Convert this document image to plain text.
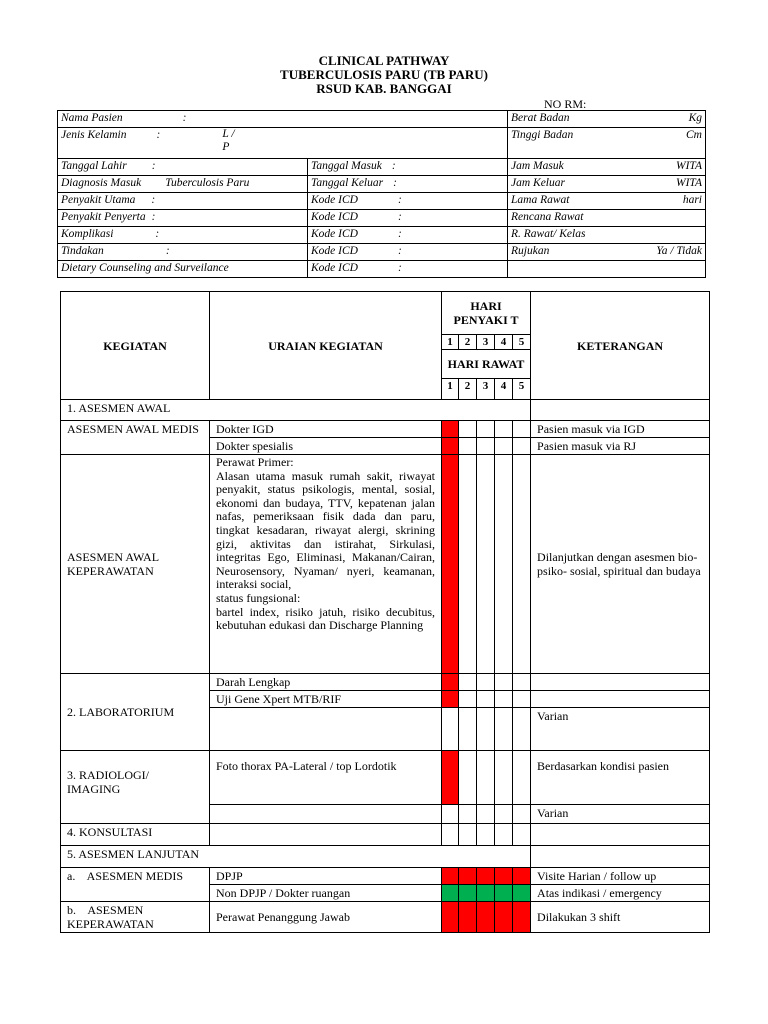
CLINICAL PATHWAY
TUBERCULOSIS PARU (TB PARU)
RSUD KAB. BANGGAI
NO RM:
Nama Pasien :		Berat Badan Kg

Jenis Kelamin : L /
P		Tinggi Badan Cm

Tanggal Lahir :	Tanggal Masuk :	Jam Masuk WITA

Diagnosis Masuk Tuberculosis Paru	Tanggal Keluar :	Jam Keluar WITA

Penyakit Utama :	Kode ICD :	Lama Rawat hari

Penyakit Penyerta :	Kode ICD :	Rencana Rawat

Komplikasi :	Kode ICD :	R. Rawat/ Kelas

Tindakan :	Kode ICD :	Rujukan Ya / Tidak

Dietary Counseling and Surveilance	Kode ICD :	

KEGIATAN	URAIAN KEGIATAN	HARI PENYAKI T					KETERANGAN
		1	2	3	4	5	
		HARI RAWAT					
		1	2	3	4	5	
1. ASESMEN AWAL							
ASESMEN AWAL MEDIS	Dokter IGD						Pasien masuk via IGD
	Dokter spesialis						Pasien masuk via RJ
ASESMEN AWAL KEPERAWATAN	Perawat Primer:
Alasan utama masuk rumah sakit, riwayat penyakit, status psikologis, mental, sosial, ekonomi dan budaya, TTV, kepatenan jalan nafas, pemeriksaan fisik dada dan paru, tingkat kesadaran, riwayat alergi, skrining gizi, aktivitas dan istirahat, Sirkulasi, integritas Ego, Eliminasi, Makanan/Cairan, Neurosensory, Nyaman/ nyeri, keamanan, interaksi social,
status fungsional:
bartel index, risiko jatuh, risiko decubitus, kebutuhan edukasi dan Discharge Planning						Dilanjutkan dengan asesmen bio-psiko- sosial, spiritual dan budaya
2. LABORATORIUM	Darah Lengkap						
	Uji Gene Xpert MTB/RIF						
							Varian
3. RADIOLOGI/ IMAGING	Foto thorax PA-Lateral / top Lordotik						Berdasarkan kondisi pasien
							Varian
4. KONSULTASI							
5. ASESMEN LANJUTAN							
a.    ASESMEN MEDIS	DPJP						Visite Harian / follow up
	Non DPJP / Dokter ruangan						Atas indikasi / emergency
b.    ASESMEN KEPERAWATAN	Perawat Penanggung Jawab						Dilakukan 3 shift
